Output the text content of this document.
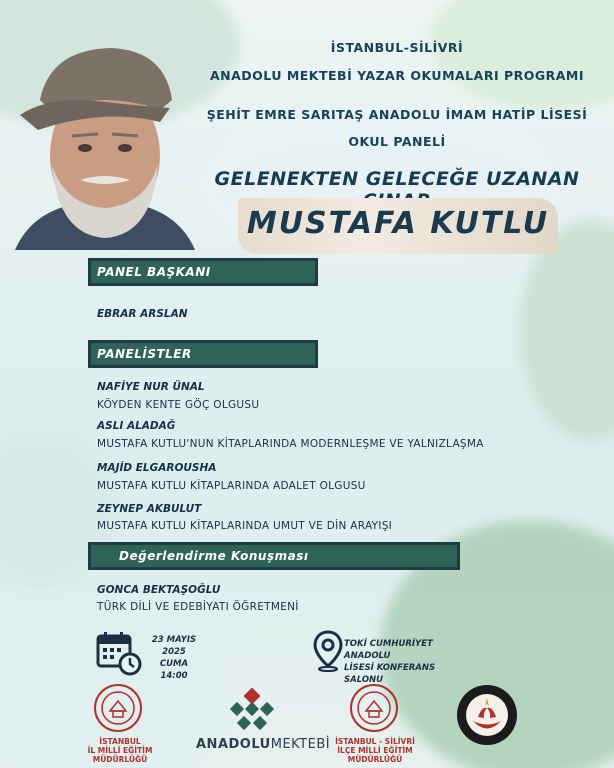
İSTANBUL-SİLİVRİ
ANADOLU MEKTEBİ YAZAR OKUMALARI PROGRAMI
ŞEHİT EMRE SARITAŞ ANADOLU İMAM HATİP LİSESİ
OKUL PANELİ
GELENEKTEN GELECEĞE UZANAN
MUSTAFA KUTLU
PANEL BAŞKANI
EBRAR ARSLAN
PANELİSTLER
NAFİYE NUR ÜNAL
KÖYDEN KENTE GÖÇ OLGUSU
ASLI ALADAĞ
MUSTAFA KUTLU'NUN KİTAPLARINDA MODERNLEŞME VE YALNIZLAŞMA
MAJİD ELGAROUSHA
MUSTAFA KUTLU KİTAPLARINDA ADALET OLGUSU
ZEYNEP AKBULUT
MUSTAFA KUTLU KİTAPLARINDA UMUT VE DİN ARAYIŞI
Değerlendirme Konuşması
GONCA BEKTAŞOĞLU
TÜRK DİLİ VE EDEBİYATI ÖĞRETMENİ
23 MAYIS 2025
CUMA
14:00
TOKİ CUMHURİYET ANADOLU
LİSESİ KONFERANS SALONU
İSTANBUL
İL MİLLİ EĞİTİM MÜDÜRLÜĞÜ
ANADOLUMEKTEBİ İSTANBUL - SİLİVRİ
İLÇE MİLLİ EĞİTİM MÜDÜRLÜĞÜ
